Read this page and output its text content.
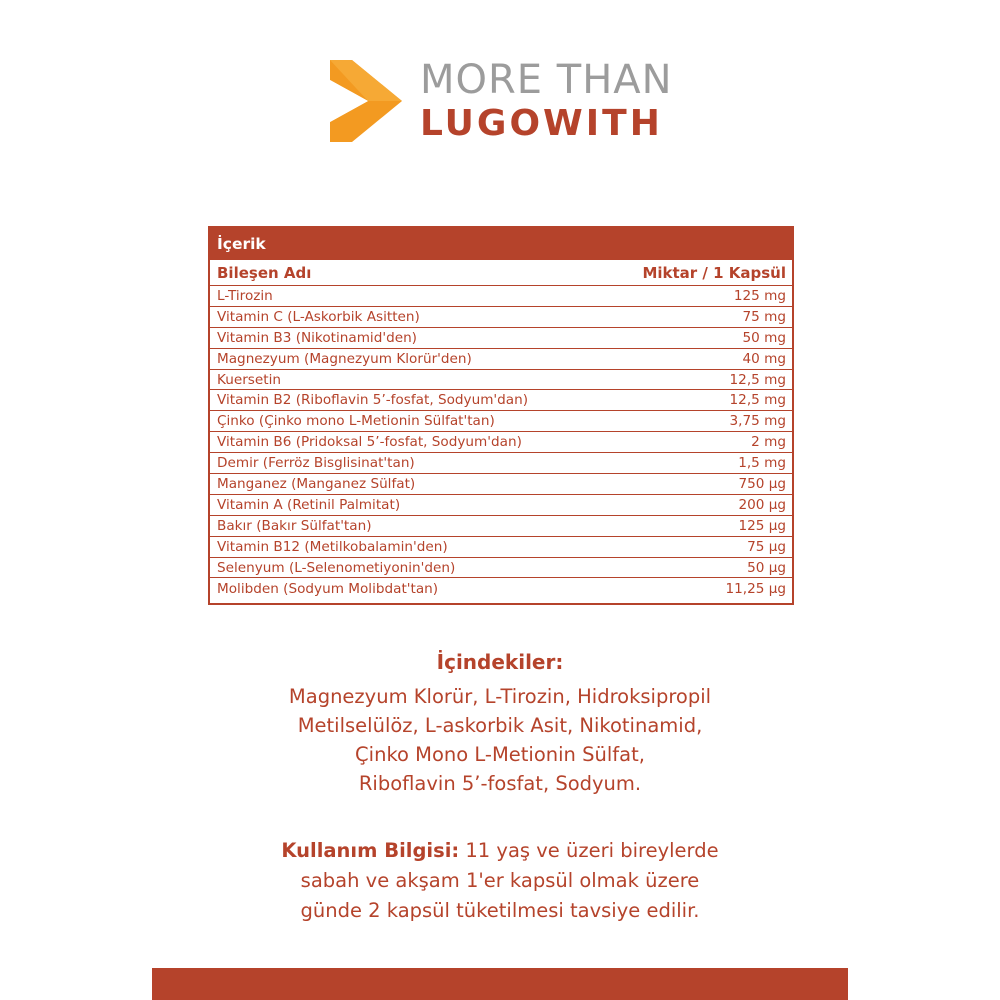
MORE THAN
LUGOWITH
İçerik
Bileşen Adı	Miktar / 1 Kapsül
L-Tirozin	125 mg
Vitamin C (L-Askorbik Asitten)	75 mg
Vitamin B3 (Nikotinamid'den)	50 mg
Magnezyum (Magnezyum Klorür'den)	40 mg
Kuersetin	12,5 mg
Vitamin B2 (Riboflavin 5’-fosfat, Sodyum'dan)	12,5 mg
Çinko (Çinko mono L-Metionin Sülfat'tan)	3,75 mg
Vitamin B6 (Pridoksal 5’-fosfat, Sodyum'dan)	2 mg
Demir (Ferröz Bisglisinat'tan)	1,5 mg
Manganez (Manganez Sülfat)	750 µg
Vitamin A (Retinil Palmitat)	200 µg
Bakır (Bakır Sülfat'tan)	125 µg
Vitamin B12 (Metilkobalamin'den)	75 µg
Selenyum (L-Selenometiyonin'den)	50 µg
Molibden (Sodyum Molibdat'tan)	11,25 µg
İçindekiler:
Magnezyum Klorür, L-Tirozin, Hidroksipropil
Metilselülöz, L-askorbik Asit, Nikotinamid,
Çinko Mono L-Metionin Sülfat,
Riboflavin 5’-fosfat, Sodyum.
Kullanım Bilgisi: 11 yaş ve üzeri bireylerde
sabah ve akşam 1'er kapsül olmak üzere
günde 2 kapsül tüketilmesi tavsiye edilir.
